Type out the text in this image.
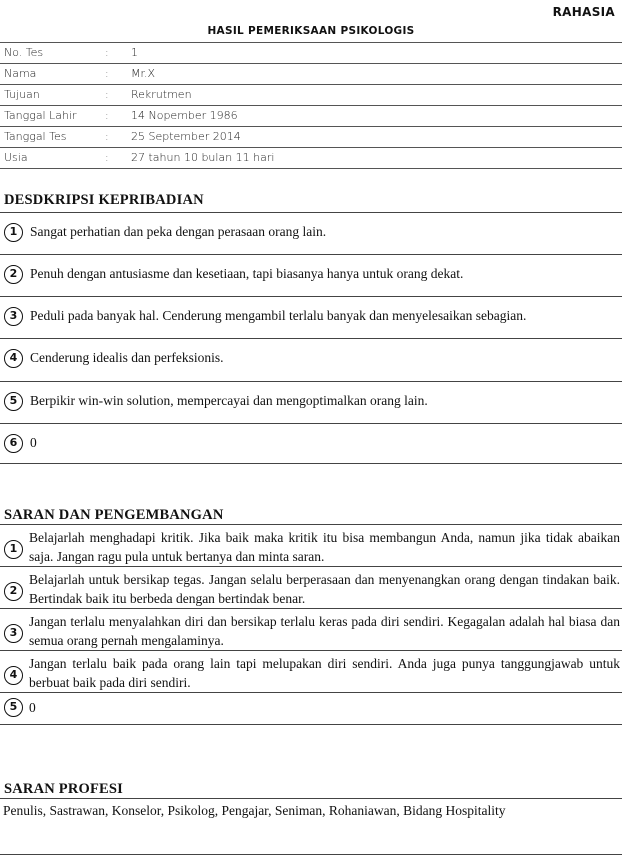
RAHASIA
HASIL PEMERIKSAAN PSIKOLOGIS
No. Tes	: 1
Nama	: Mr.X
Tujuan	: Rekrutmen
Tanggal Lahir	: 14 Nopember 1986
Tanggal Tes	: 25 September 2014
Usia	: 27 tahun 10 bulan 11 hari
DESDKRIPSI KEPRIBADIAN
1 Sangat perhatian dan peka dengan perasaan orang lain.
2 Penuh dengan antusiasme dan kesetiaan, tapi biasanya hanya untuk orang dekat.
3 Peduli pada banyak hal. Cenderung mengambil terlalu banyak dan menyelesaikan sebagian.
4 Cenderung idealis dan perfeksionis.
5 Berpikir win-win solution, mempercayai dan mengoptimalkan orang lain.
6 0
SARAN DAN PENGEMBANGAN
1
Belajarlah menghadapi kritik. Jika baik maka kritik itu bisa membangun Anda, namun jika tidak abaikan saja. Jangan ragu pula untuk bertanya dan minta saran.
2
Belajarlah untuk bersikap tegas. Jangan selalu berperasaan dan menyenangkan orang dengan tindakan baik. Bertindak baik itu berbeda dengan bertindak benar.
3
Jangan terlalu menyalahkan diri dan bersikap terlalu keras pada diri sendiri. Kegagalan adalah hal biasa dan semua orang pernah mengalaminya.
4
Jangan terlalu baik pada orang lain tapi melupakan diri sendiri. Anda juga punya tanggungjawab untuk berbuat baik pada diri sendiri.
5 0
SARAN PROFESI
Penulis, Sastrawan, Konselor, Psikolog, Pengajar, Seniman, Rohaniawan, Bidang Hospitality
